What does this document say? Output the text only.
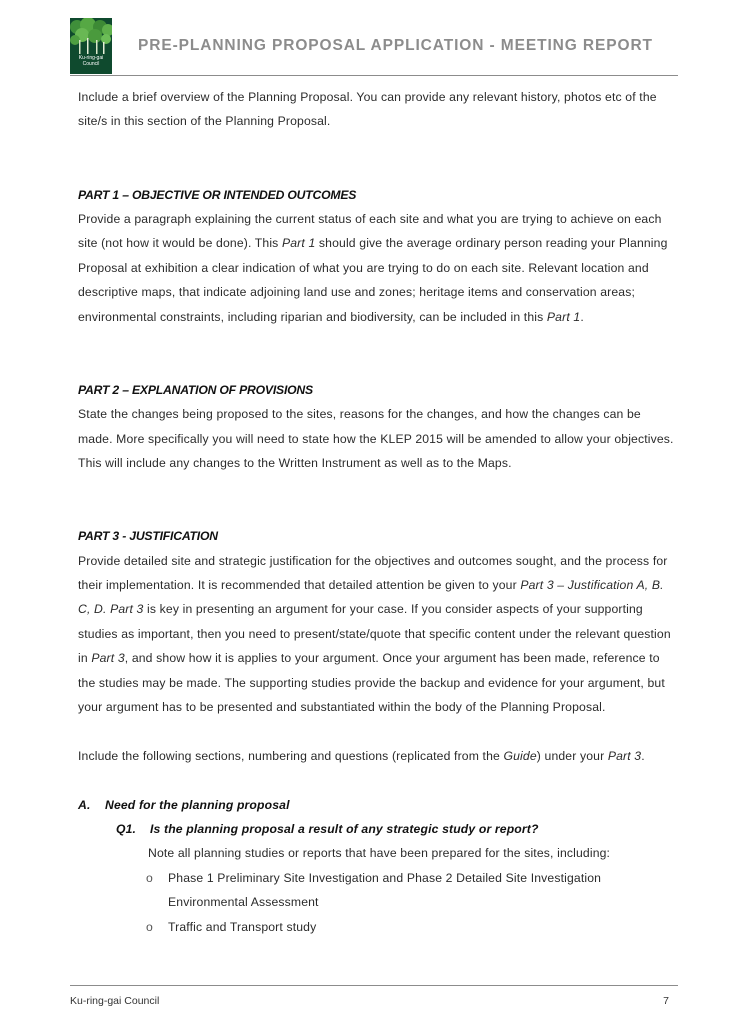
Ku-ring-gai
Council
PRE-PLANNING PROPOSAL APPLICATION - MEETING REPORT

Include a brief overview of the Planning Proposal. You can provide any relevant history, photos etc of the site/s in this section of the Planning Proposal.

PART 1 – OBJECTIVE OR INTENDED OUTCOMES

Provide a paragraph explaining the current status of each site and what you are trying to achieve on each site (not how it would be done). This Part 1 should give the average ordinary person reading your Planning Proposal at exhibition a clear indication of what you are trying to do on each site. Relevant location and descriptive maps, that indicate adjoining land use and zones; heritage items and conservation areas; environmental constraints, including riparian and biodiversity, can be included in this Part 1.

PART 2 – EXPLANATION OF PROVISIONS

State the changes being proposed to the sites, reasons for the changes, and how the changes can be made. More specifically you will need to state how the KLEP 2015 will be amended to allow your objectives. This will include any changes to the Written Instrument as well as to the Maps.

PART 3 - JUSTIFICATION

Provide detailed site and strategic justification for the objectives and outcomes sought, and the process for their implementation. It is recommended that detailed attention be given to your Part 3 – Justification A, B. C, D. Part 3 is key in presenting an argument for your case. If you consider aspects of your supporting studies as important, then you need to present/state/quote that specific content under the relevant question in Part 3, and show how it is applies to your argument. Once your argument has been made, reference to the studies may be made. The supporting studies provide the backup and evidence for your argument, but your argument has to be presented and substantiated within the body of the Planning Proposal.

Include the following sections, numbering and questions (replicated from the Guide) under your Part 3.

A.	Need for the planning proposal

Q1.	Is the planning proposal a result of any strategic study or report?

Note all planning studies or reports that have been prepared for the sites, including:

o	Phase 1 Preliminary Site Investigation and Phase 2 Detailed Site Investigation Environmental Assessment
o	Traffic and Transport study
Ku-ring-gai Council	7
